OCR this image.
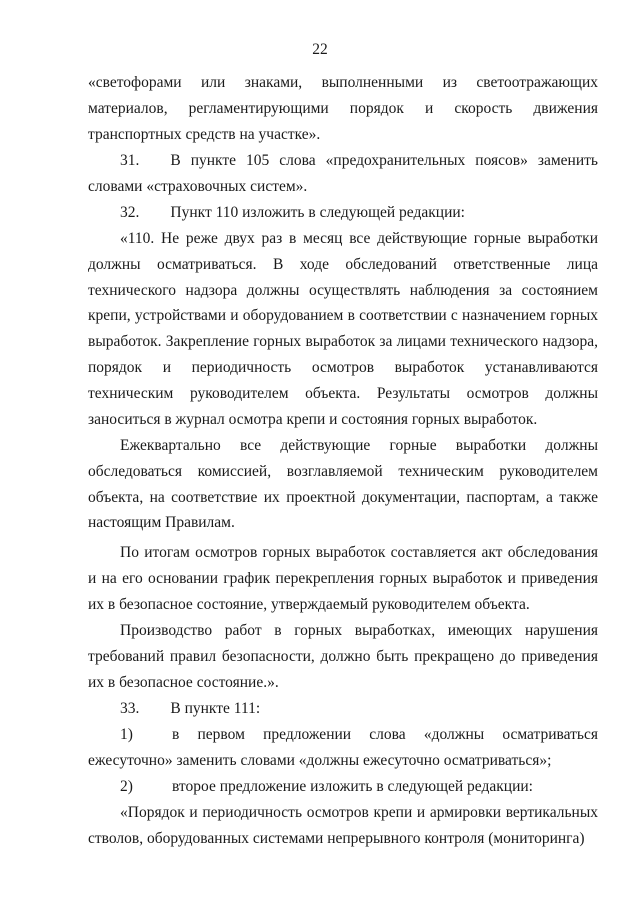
22
«светофорами или знаками, выполненными из светоотражающих материалов, регламентирующими порядок и скорость движения транспортных средств на участке».
31.  В пункте 105 слова «предохранительных поясов» заменить словами «страховочных систем».
32.  Пункт 110 изложить в следующей редакции:
«110. Не реже двух раз в месяц все действующие горные выработки должны осматриваться. В ходе обследований ответственные лица технического надзора должны осуществлять наблюдения за состоянием крепи, устройствами и оборудованием в соответствии с назначением горных выработок. Закрепление горных выработок за лицами технического надзора, порядок и периодичность осмотров выработок устанавливаются техническим руководителем объекта. Результаты осмотров должны заноситься в журнал осмотра крепи и состояния горных выработок.
Ежеквартально все действующие горные выработки должны обследоваться комиссией, возглавляемой техническим руководителем объекта, на соответствие их проектной документации, паспортам, а также настоящим Правилам.
По итогам осмотров горных выработок составляется акт обследования и на его основании график перекрепления горных выработок и приведения их в безопасное состояние, утверждаемый руководителем объекта.
Производство работ в горных выработках, имеющих нарушения требований правил безопасности, должно быть прекращено до приведения их в безопасное состояние.».
33.  В пункте 111:
1)	в первом предложении слова «должны осматриваться ежесуточно» заменить словами «должны ежесуточно осматриваться»;
2)	второе предложение изложить в следующей редакции:
«Порядок и периодичность осмотров крепи и армировки вертикальных стволов, оборудованных системами непрерывного контроля (мониторинга)
